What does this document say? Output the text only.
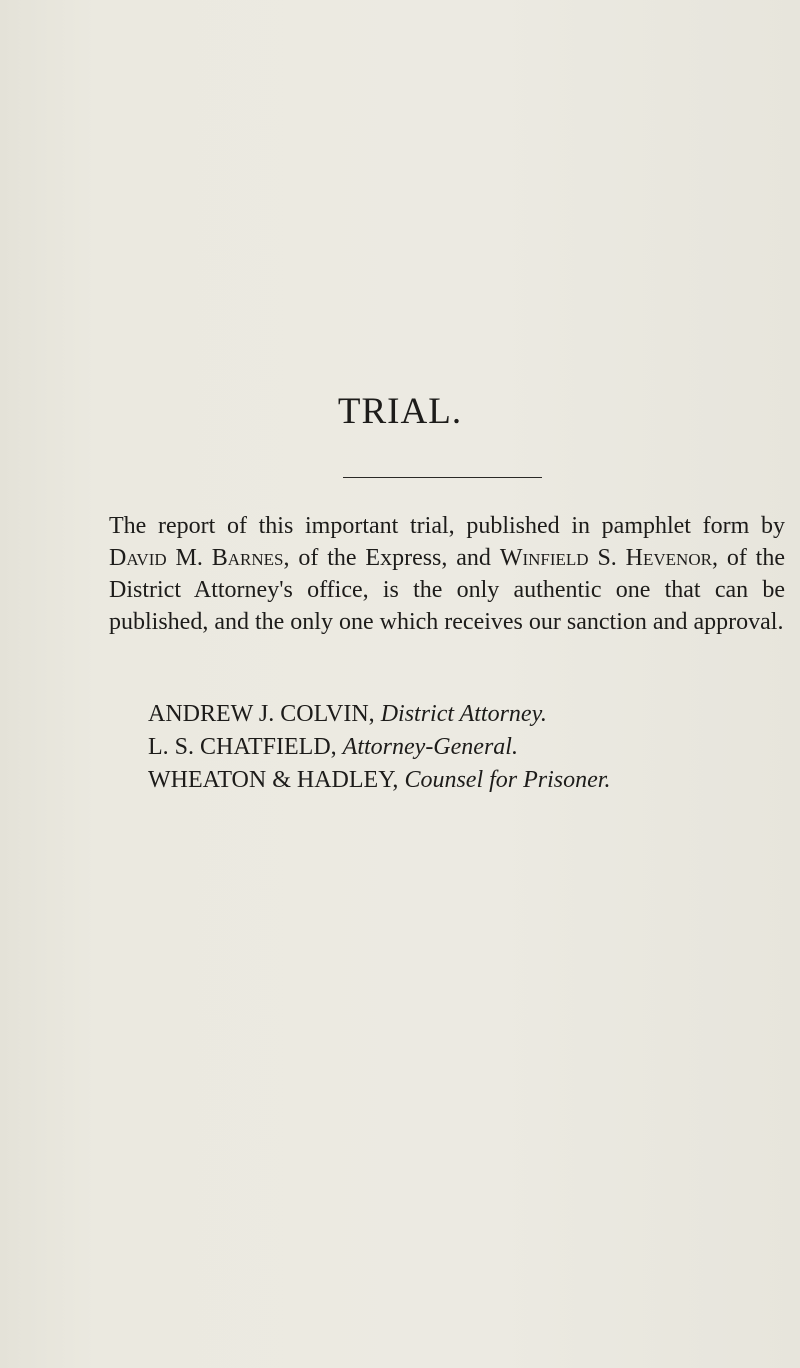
TRIAL.

The report of this important trial, published in pamphlet form by David M. Barnes, of the Express, and Winfield S. Hevenor, of the District Attorney's office, is the only authentic one that can be published, and the only one which receives our sanction and approval.

ANDREW J. COLVIN, District Attorney.
L. S. CHATFIELD, Attorney-General.
WHEATON & HADLEY, Counsel for Prisoner.
